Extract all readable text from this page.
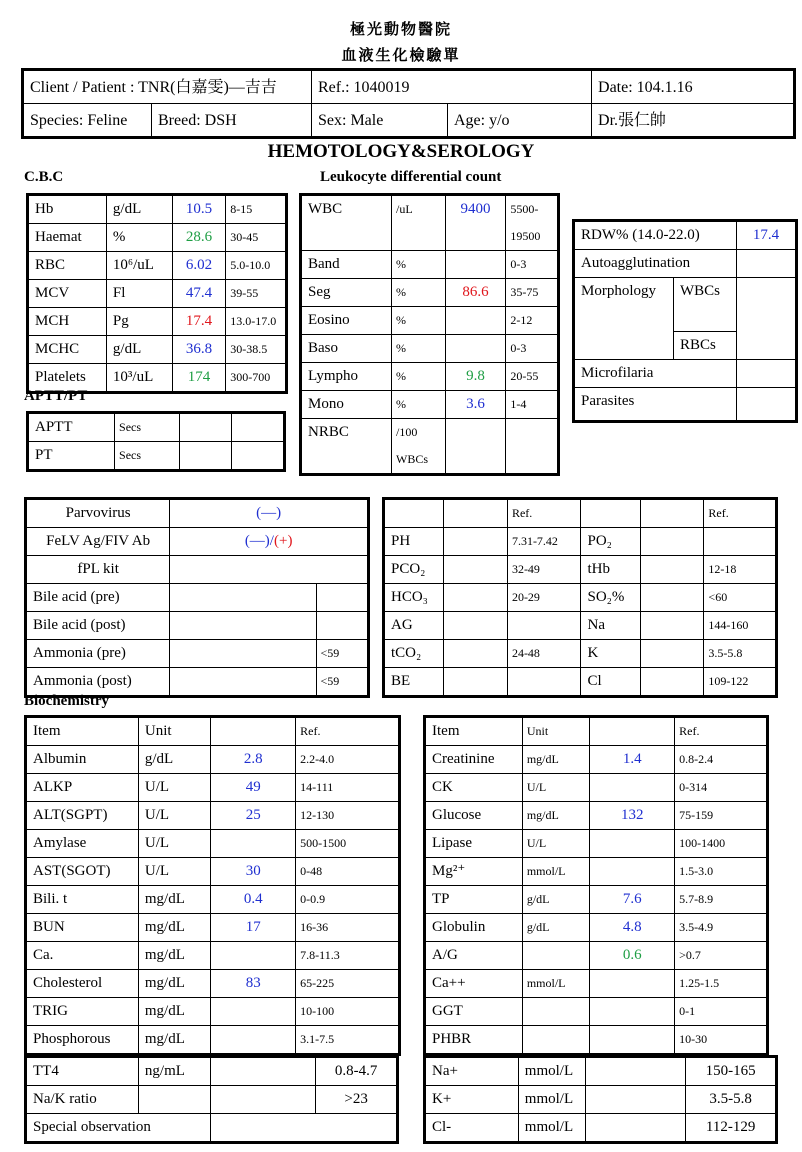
極光動物醫院
血液生化檢驗單
Client / Patient : TNR(白嘉雯)—吉吉		Ref.: 1040019		Date: 104.1.16
Species: Feline	Breed: DSH	Sex: Male	Age: y/o	Dr.張仁帥
HEMOTOLOGY&SEROLOGY
C.B.C	Leukocyte differential count
APTT/PT
Biochemistry
RDW% (14.0-22.0)		17.4
Autoagglutination		
Morphology	WBCs	
	RBCs	
Microfilaria		
Parasites		
Hb	g/dL	10.5	8-15
Haemat	%	28.6	30-45
RBC	10⁶/uL	6.02	5.0-10.0
MCV	Fl	47.4	39-55
MCH	Pg	17.4	13.0-17.0
MCHC	g/dL	36.8	30-38.5
Platelets	10³/uL	174	300-700
APTT	Secs		
PT	Secs		
WBC	/uL	9400	5500-
19500
Band	%		0-3
Seg	%	86.6	35-75
Eosino	%		2-12
Baso	%		0-3
Lympho	%	9.8	20-55
Mono	%	3.6	1-4
NRBC	/100
WBCs		
Parvovirus	(—)	
FeLV Ag/FIV Ab	(—)/(+)	
fPL kit		
Bile acid (pre)		
Bile acid (post)		
Ammonia (pre)		<59
Ammonia (post)		<59
		Ref.			Ref.
PH		7.31-7.42	PO₂		
PCO₂		32-49	tHb		12-18
HCO₃		20-29	SO₂%		<60
AG			Na		144-160
tCO₂		24-48	K		3.5-5.8
BE			Cl		109-122
Item	Unit		Ref.
Albumin	g/dL	2.8	2.2-4.0
ALKP	U/L	49	14-111
ALT(SGPT)	U/L	25	12-130
Amylase	U/L		500-1500
AST(SGOT)	U/L	30	0-48
Bili. t	mg/dL	0.4	0-0.9
BUN	mg/dL	17	16-36
Ca.	mg/dL		7.8-11.3
Cholesterol	mg/dL	83	65-225
TRIG	mg/dL		10-100
Phosphorous	mg/dL		3.1-7.5
Item	Unit		Ref.
Creatinine	mg/dL	1.4	0.8-2.4
CK	U/L		0-314
Glucose	mg/dL	132	75-159
Lipase	U/L		100-1400
Mg²⁺	mmol/L		1.5-3.0
TP	g/dL	7.6	5.7-8.9
Globulin	g/dL	4.8	3.5-4.9
A/G		0.6	>0.7
Ca++	mmol/L		1.25-1.5
GGT			0-1
PHBR			10-30
TT4	ng/mL		0.8-4.7
Na/K ratio			>23
Special observation			
Na+	mmol/L		150-165
K+	mmol/L		3.5-5.8
Cl-	mmol/L		112-129
